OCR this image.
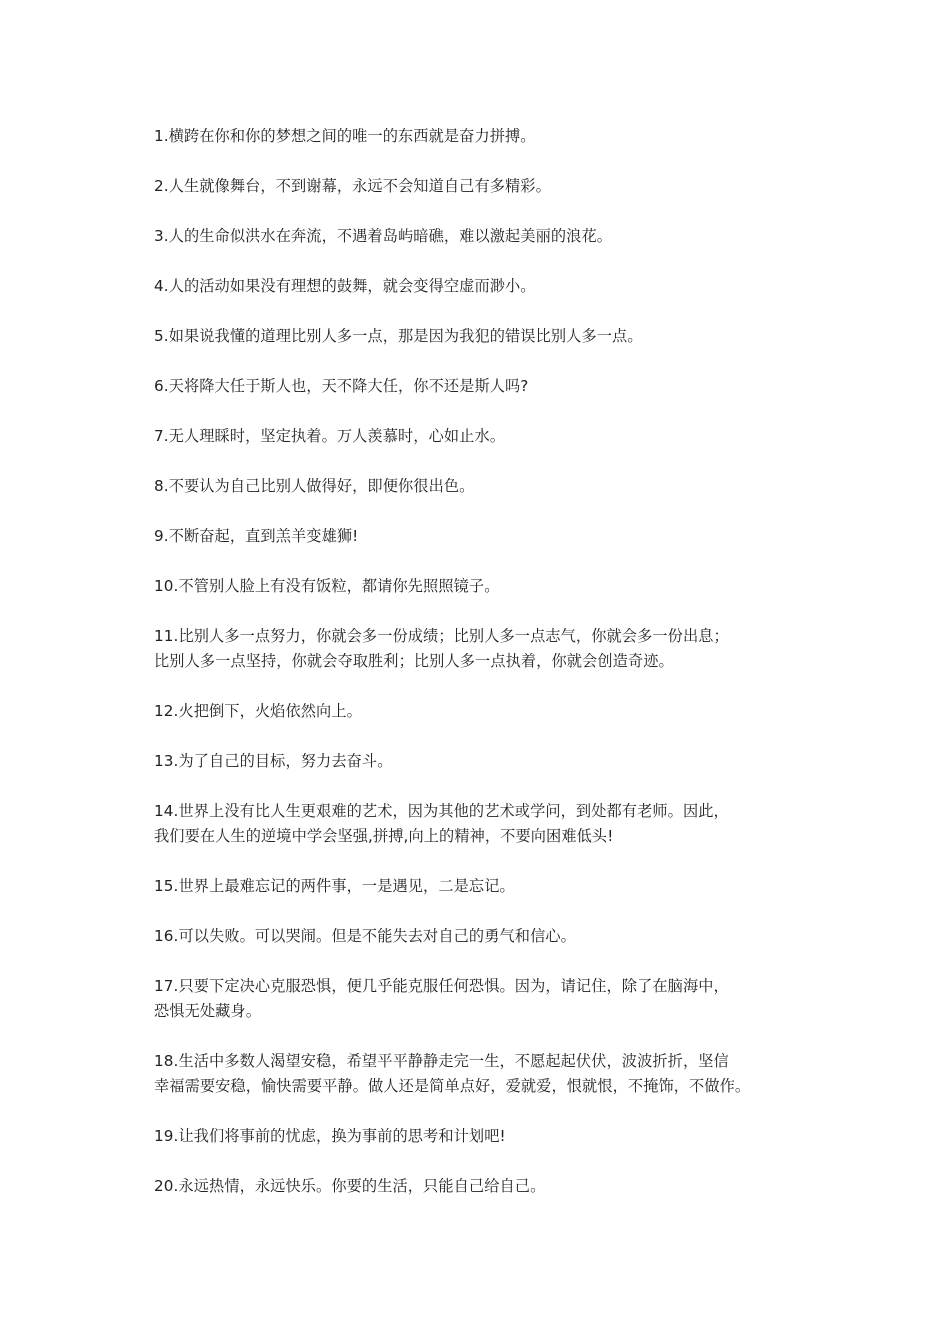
1.横跨在你和你的梦想之间的唯一的东西就是奋力拼搏。

2.人生就像舞台，不到谢幕，永远不会知道自己有多精彩。

3.人的生命似洪水在奔流，不遇着岛屿暗礁，难以激起美丽的浪花。

4.人的活动如果没有理想的鼓舞，就会变得空虚而渺小。

5.如果说我懂的道理比别人多一点，那是因为我犯的错误比别人多一点。

6.天将降大任于斯人也，天不降大任，你不还是斯人吗?

7.无人理睬时，坚定执着。万人羡慕时，心如止水。

8.不要认为自己比别人做得好，即便你很出色。

9.不断奋起，直到羔羊变雄狮!

10.不管别人脸上有没有饭粒，都请你先照照镜子。

11.比别人多一点努力，你就会多一份成绩；比别人多一点志气，你就会多一份出息；
比别人多一点坚持，你就会夺取胜利；比别人多一点执着，你就会创造奇迹。

12.火把倒下，火焰依然向上。

13.为了自己的目标，努力去奋斗。

14.世界上没有比人生更艰难的艺术，因为其他的艺术或学问，到处都有老师。因此，
我们要在人生的逆境中学会坚强,拼搏,向上的精神，不要向困难低头!

15.世界上最难忘记的两件事，一是遇见，二是忘记。

16.可以失败。可以哭闹。但是不能失去对自己的勇气和信心。

17.只要下定决心克服恐惧，便几乎能克服任何恐惧。因为，请记住，除了在脑海中，
恐惧无处藏身。

18.生活中多数人渴望安稳，希望平平静静走完一生，不愿起起伏伏，波波折折，坚信
幸福需要安稳，愉快需要平静。做人还是简单点好，爱就爱，恨就恨，不掩饰，不做作。

19.让我们将事前的忧虑，换为事前的思考和计划吧!

20.永远热情，永远快乐。你要的生活，只能自己给自己。
